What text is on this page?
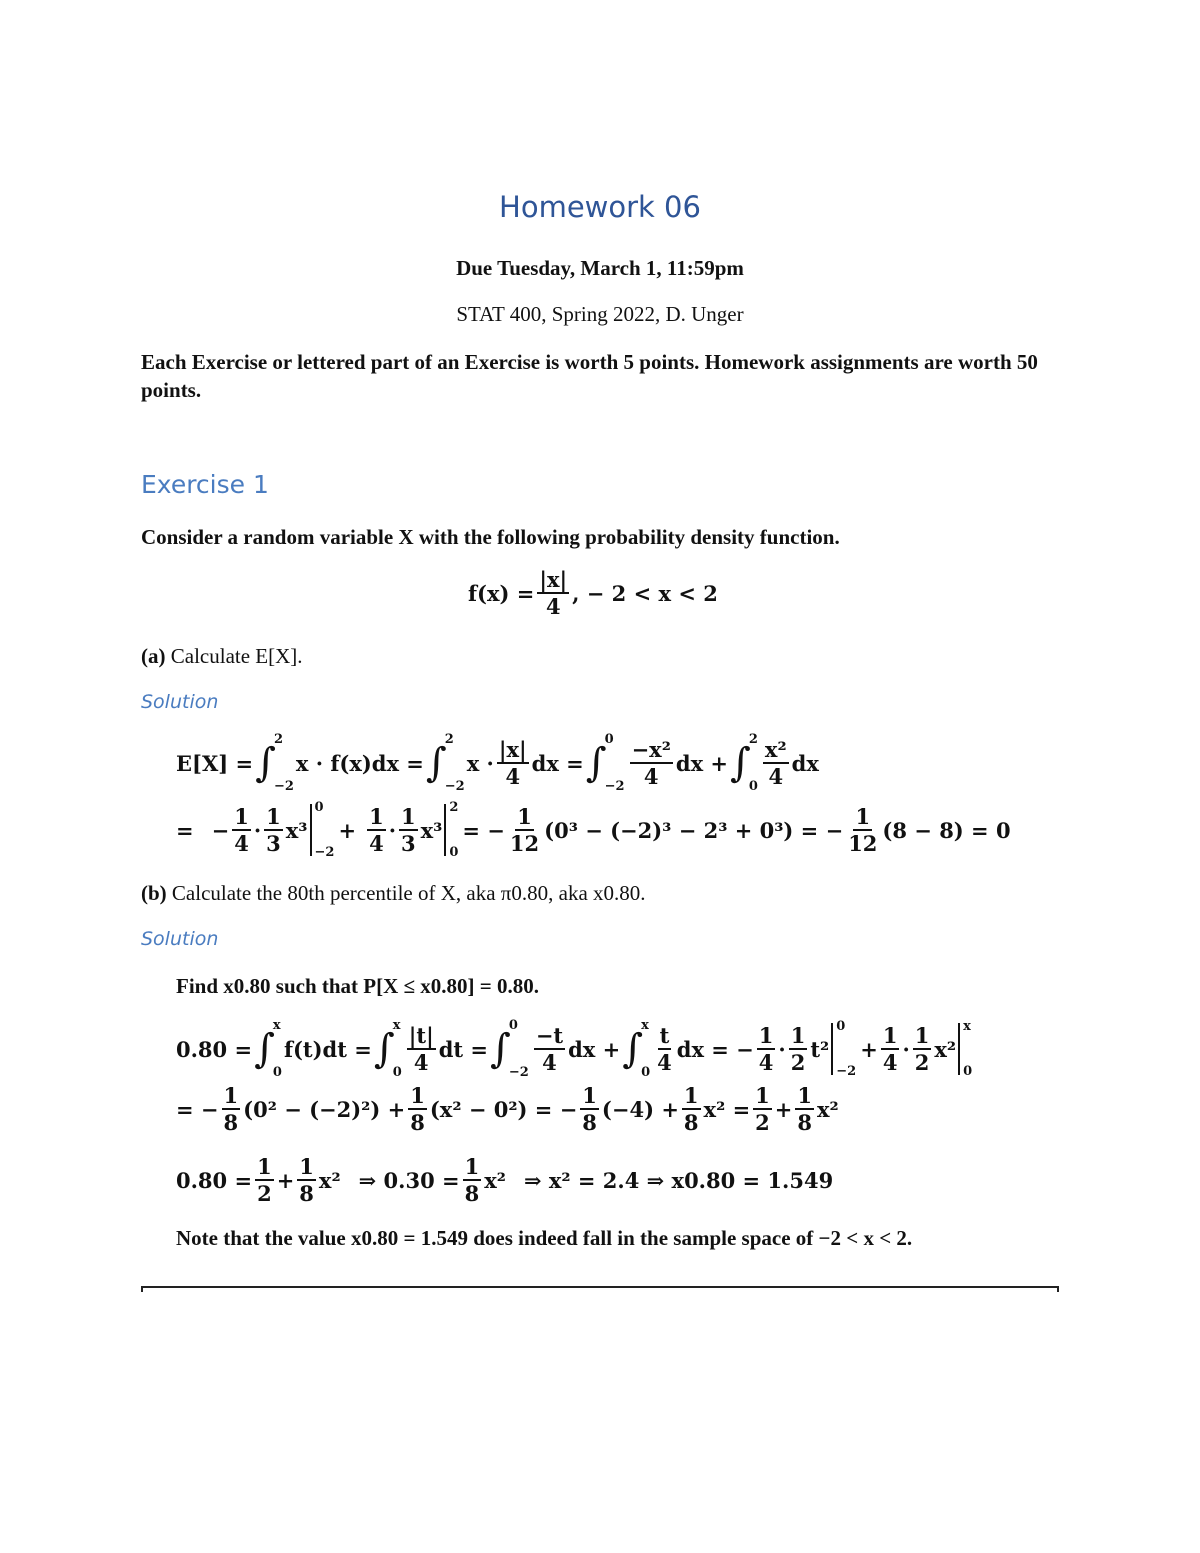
Homework 06
Due Tuesday, March 1, 11:59pm
STAT 400, Spring 2022, D. Unger
Each Exercise or lettered part of an Exercise is worth 5 points. Homework assignments are worth 50 points.
Exercise 1
Consider a random variable X with the following probability density function.
$f(x) = \frac{|x|}{4}$ , − 2 < x < 2
(a) Calculate E[X].
Solution
E[X] = ∫
2
−2
x · f(x)dx = ∫
2
−2
$x \cdot \frac{|x|}{4}$ dx = ∫
0
$-2 \frac{\text{−x²}}{4}$ dx + ∫
2
$0 \frac{\text{x²}}{4}$ dx
= − $\frac{1}{4} \cdot \frac{1}{3} x^3$
0
−2
+ $\frac{1}{4} \cdot \frac{1}{3} x^3$
2
0
= − $\frac{1}{12} (0^3 - (-2)^3 - 2^3 + 0^3)$ = − $\frac{1}{12} (8 - 8) = 0$
(b) Calculate the 80th percentile of X, aka π0.80, aka x0.80.
Solution
Find x0.80 such that P[X ≤ x0.80] = 0.80.
0.80 = ∫
x
0
f(t)dt = ∫
x
$0 \frac{|t|}{4}$ dt = ∫
0
$-2 \frac{-t}{4}$ dx + ∫
x
$0 \frac{t}{4}$ dx = − $\frac{1}{4} \cdot \frac{1}{2} t^2$
0
−2
+ $\frac{1}{4} \cdot \frac{1}{2} x^2$
x
0
= − $\frac{1}{8} (0^2 - (-2)^2) + \frac{1}{8} (x^2 - 0^2)$ = − $\frac{1}{8} (-4) + \frac{1}{8} x^2 = \frac{1}{2} + \frac{1}{8} x^2$
$0.80 = \frac{1}{2} + \frac{1}{8} x^2$ ⇒ $0.30 = \frac{1}{8} x^2$ ⇒ x² = 2.4 ⇒ x0.80 = 1.549
Note that the value x0.80 = 1.549 does indeed fall in the sample space of −2 < x < 2.
